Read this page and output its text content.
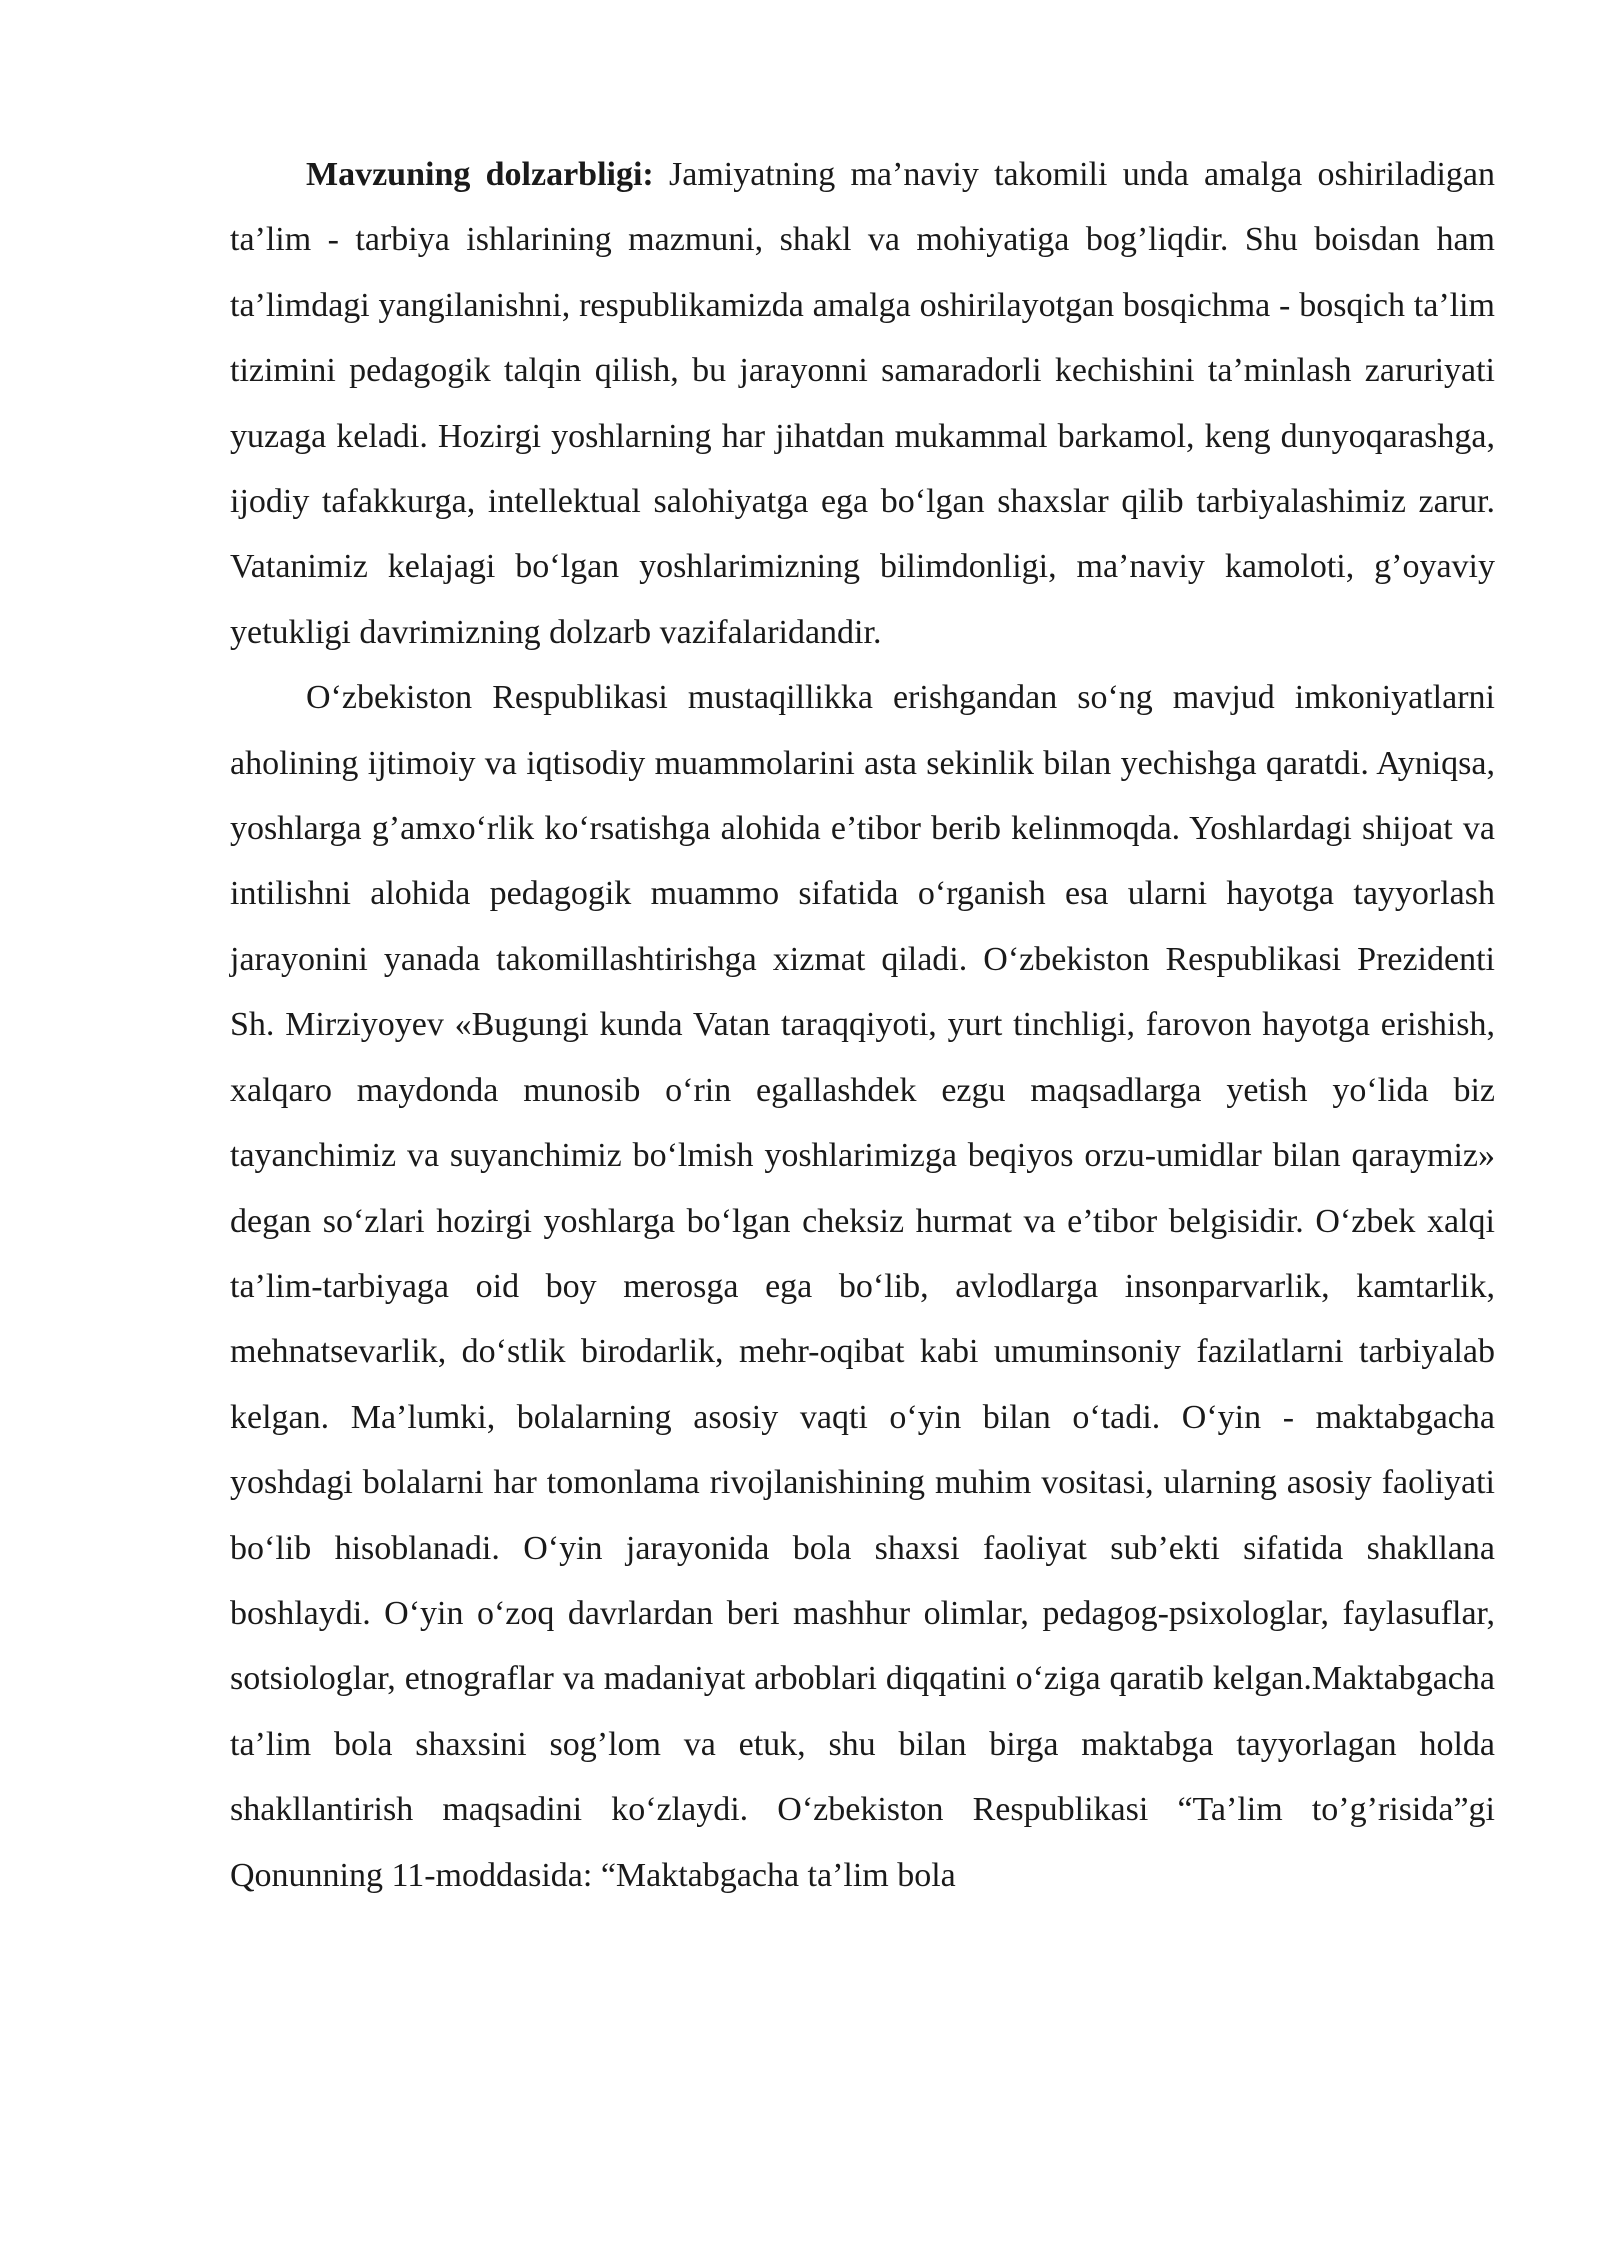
Mavzuning dolzarbligi: Jamiyatning ma’naviy takomili unda amalga oshiriladigan ta’lim - tarbiya ishlarining mazmuni, shakl va mohiyatiga bog’liqdir. Shu boisdan ham ta’limdagi yangilanishni, respublikamizda amalga oshirilayotgan bosqichma - bosqich ta’lim tizimini pedagogik talqin qilish, bu jarayonni samaradorli kechishini ta’minlash zaruriyati yuzaga keladi. Hozirgi yoshlarning har jihatdan mukammal barkamol, keng dunyoqarashga, ijodiy tafakkurga, intellektual salohiyatga ega bo‘lgan shaxslar qilib tarbiyalashimiz zarur. Vatanimiz kelajagi bo‘lgan yoshlarimizning bilimdonligi, ma’naviy kamoloti, g’oyaviy yetukligi davrimizning dolzarb vazifalaridandir.

O‘zbekiston Respublikasi mustaqillikka erishgandan so‘ng mavjud imkoniyatlarni aholining ijtimoiy va iqtisodiy muammolarini asta sekinlik bilan yechishga qaratdi. Ayniqsa, yoshlarga g’amxo‘rlik ko‘rsatishga alohida e’tibor berib kelinmoqda. Yoshlardagi shijoat va intilishni alohida pedagogik muammo sifatida o‘rganish esa ularni hayotga tayyorlash jarayonini yanada takomillashtirishga xizmat qiladi. O‘zbekiston Respublikasi Prezidenti Sh. Mirziyoyev «Bugungi kunda Vatan taraqqiyoti, yurt tinchligi, farovon hayotga erishish, xalqaro maydonda munosib o‘rin egallashdek ezgu maqsadlarga yetish yo‘lida biz tayanchimiz va suyanchimiz bo‘lmish yoshlarimizga beqiyos orzu-umidlar bilan qaraymiz» degan so‘zlari hozirgi yoshlarga bo‘lgan cheksiz hurmat va e’tibor belgisidir. O‘zbek xalqi ta’lim-tarbiyaga oid boy merosga ega bo‘lib, avlodlarga insonparvarlik, kamtarlik, mehnatsevarlik, do‘stlik birodarlik, mehr-oqibat kabi umuminsoniy fazilatlarni tarbiyalab kelgan. Ma’lumki, bolalarning asosiy vaqti o‘yin bilan o‘tadi. O‘yin - maktabgacha yoshdagi bolalarni har tomonlama rivojlanishining muhim vositasi, ularning asosiy faoliyati bo‘lib hisoblanadi. O‘yin jarayonida bola shaxsi faoliyat sub’ekti sifatida shakllana boshlaydi. O‘yin o‘zoq davrlardan beri mashhur olimlar, pedagog-psixologlar, faylasuflar, sotsiologlar, etnograflar va madaniyat arboblari diqqatini o‘ziga qaratib kelgan.Maktabgacha ta’lim bola shaxsini sog’lom va etuk, shu bilan birga maktabga tayyorlagan holda shakllantirish maqsadini ko‘zlaydi. O‘zbekiston Respublikasi “Ta’lim to’g’risida”gi Qonunning 11-moddasida: “Maktabgacha ta’lim bola
